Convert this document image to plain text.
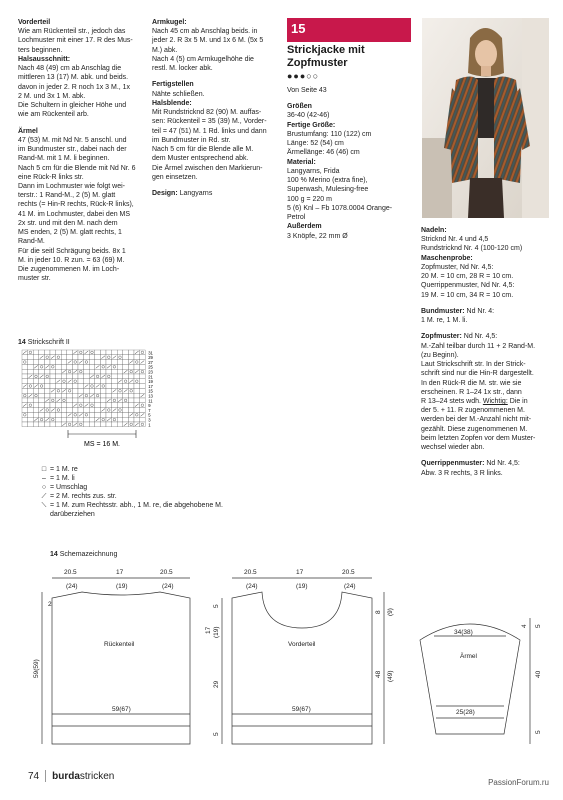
Vorderteil

Wie am Rückenteil str., jedoch das
Lochmuster mit einer 17. R des Mus-
ters beginnen.

Halsausschnitt:

Nach 48 (49) cm ab Anschlag die
mittleren 13 (17) M. abk. und beids.
davon in jeder 2. R noch 1x 3 M., 1x
2 M. und 3x 1 M. abk.
Die Schultern in gleicher Höhe und
wie am Rückenteil arb.

Ärmel

47 (53) M. mit Nd Nr. 5 anschl. und
im Bundmuster str., dabei nach der
Rand-M. mit 1 M. li beginnen.
Nach 5 cm für die Blende mit Nd Nr. 6
eine Rück-R links str.
Dann im Lochmuster wie folgt wei-
terstr.: 1 Rand-M., 2 (5) M. glatt
rechts (= Hin-R rechts, Rück-R links),
41 M. im Lochmuster, dabei den MS
2x str. und mit den M. nach dem
MS enden, 2 (5) M. glatt rechts, 1
Rand-M.
Für die seitl Schrägung beids. 8x 1
M. in jeder 10. R zun. = 63 (69) M.
Die zugenommenen M. im Loch-
muster str.

Armkugel:

Nach 45 cm ab Anschlag beids. in
jeder 2. R 3x 5 M. und 1x 6 M. (5x 5
M.) abk.
Nach 4 (5) cm Armkugelhöhe die
restl. M. locker abk.

Fertigstellen

Nähte schließen.

Halsblende:

Mit Rundstricknd 82 (90) M. auffas-
sen: Rückenteil = 35 (39) M., Vorder-
teil = 47 (51) M. 1 Rd. links und dann
im Bundmuster in Rd. str.
Nach 5 cm für die Blende alle M.
dem Muster entsprechend abk.
Die Ärmel zwischen den Markierun-
gen einsetzen.

Design: Langyarns

15

Strickjacke mit
Zopfmuster

●●●○○

Von Seite 43

Größen

36-40 (42-46)

Fertige Größe:

Brustumfang: 110 (122) cm
Länge: 52 (54) cm
Ärmellänge: 46 (46) cm

Material:

Langyarns, Frida
100 % Merino (extra fine),
Superwash, Mulesing-free
100 g = 220 m
5 (6) Knl – Fb 1078.0004 Orange-
Petrol

Außerdem

3 Knöpfe, 22 mm Ø

Nadeln:

Stricknd Nr. 4 und 4,5
Rundstricknd Nr. 4 (100-120 cm)

Maschenprobe:

Zopfmuster, Nd Nr. 4,5:
20 M. = 10 cm, 28 R = 10 cm.
Querrippenmuster, Nd Nr. 4,5:
19 M. = 10 cm, 34 R = 10 cm.

Bundmuster: Nd Nr. 4:
1 M. re, 1 M. li.

Zopfmuster: Nd Nr. 4,5:
M.-Zahl teilbar durch 11 + 2 Rand-M.
(zu Beginn).
Laut Strickschrift str. In der Strick-
schrift sind nur die Hin-R dargestellt.
In den Rück-R die M. str. wie sie
erscheinen. R 1–24 1x str., dann
R 13–24 stets wdh. Wichtig: Die in
der 5. + 11. R zugenommenen M.
werden bei der M.-Anzahl nicht mit-
gezählt. Diese zugenommenen M.
beim letzten Zopfen vor dem Muster-
wechsel wieder abn.

Querrippenmuster: Nd Nr. 4,5:
Abw. 3 R rechts, 3 R links.

14 Strickschrift II
31
29
27
25
23
21
19
17
15
13
11
9
7
5
3
1
MS = 16 M.
□ = 1 M. re
– = 1 M. li
○ = Umschlag
⟋ = 2 M. rechts zus. str.
⟍ = 1 M. zum Rechtsstr. abh., 1 M. re, die abgehobene M.
darüberziehen
14 Schemazeichnung
20.5	17	20.5
(24)	(19)	(24)
Rückenteil
59(67)
2
59(59)
20.5	17	20.5
(24)	(19)	(24)
Vorderteil
59(67)
5
17 (19)
29
5
8 (9)
48 (49)
34(38)
Ärmel
25(28)
4 5
40
5
74 burdastricken
PassionForum.ru
